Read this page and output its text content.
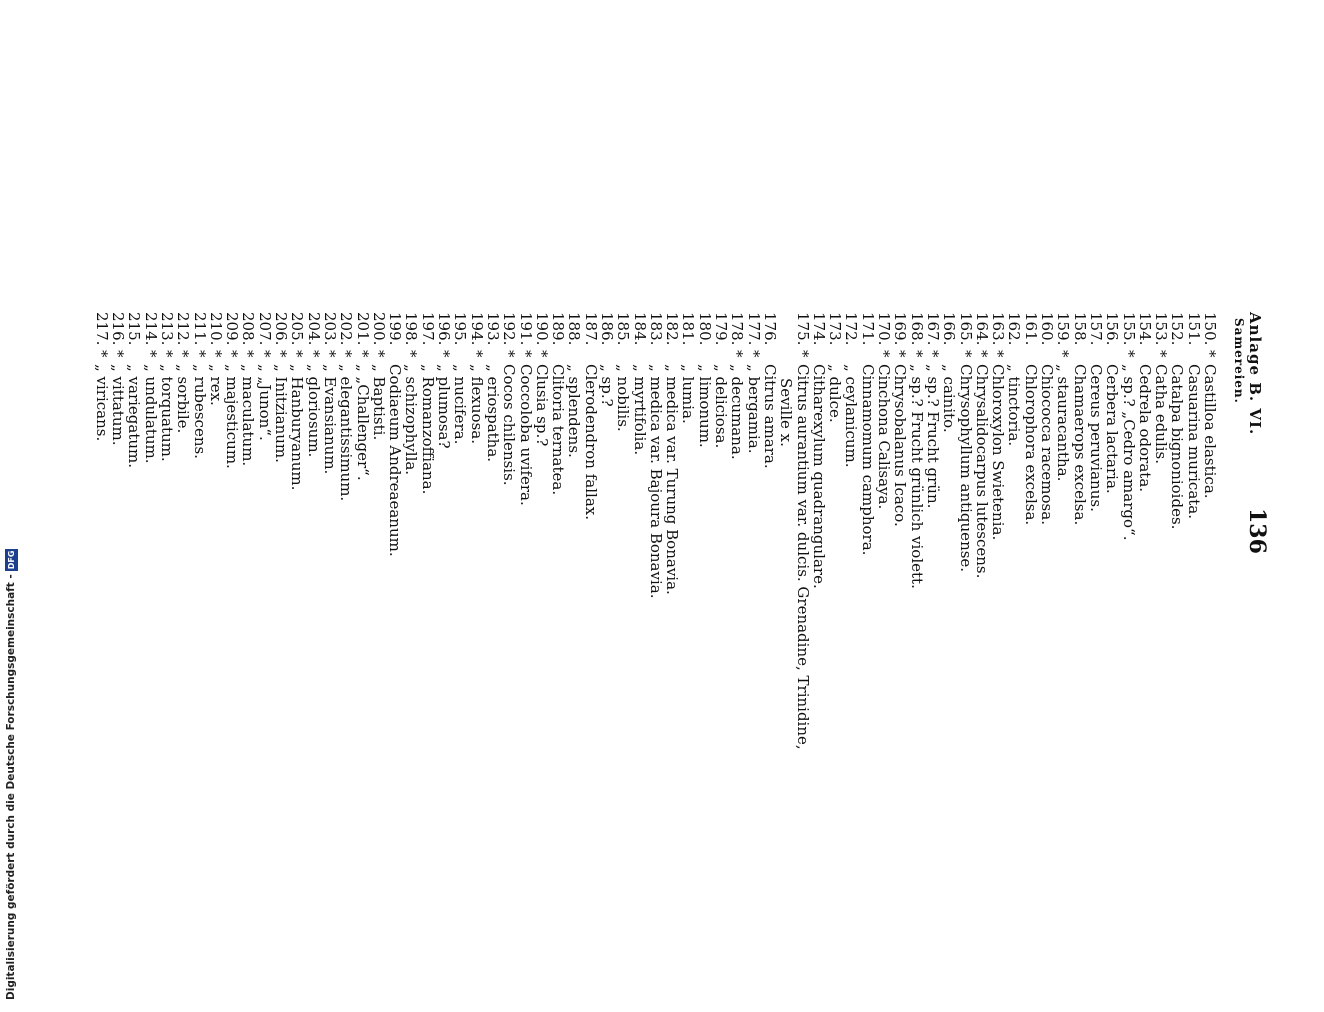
Anlage B. VI.
Samereien.
136
150.*Castilloa elastica.
151.Casuarina muricata.
152.Catalpa bignonioides.
153.*Catha edulis.
154.Cedrela odorata.
155.*„ sp.? „Cedro amargo“.
156.Cerbera lactaria.
157.Cereus peruvianus.
158.Chamaerops excelsa.
159.*„ stauracantha.
160.Chiococca racemosa.
161.Chlorophora excelsa.
162.„ tinctoria.
163.*Chloroxylon Swietenia.
164.*Chrysalidocarpus lutescens.
165.*Chrysophyllum antiquense.
166.„ cainito.
167.*„ sp.? Frucht grün.
168.*„ sp.? Frucht grünlich violett.
169.*Chrysobalanus Icaco.
170.*Cinchona Calisaya.
171.Cinnamomum camphora.
172.„ ceylanicum.
173.„ dulce.
174.Citharexylum quadrangulare.
175.*Citrus aurantium var. dulcis. Grenadine, Trinidine,
Seville x.
176.Citrus amara.
177.*„ bergamia.
178.*„ decumana.
179.„ deliciosa.
180.„ limonum.
181.„ lumia.
182.„ medica var. Turung Bonavia.
183.„ medica var. Bajoura Bonavia.
184.„ myrtifolia.
185.„ nobilis.
186.„ sp.?
187.Clerodendron fallax.
188.„ splendens.
189.Clitoria ternatea.
190.*Clusia sp.?
191.*Coccoloba uvifera.
192.*Cocos chilensis.
193.„ eriospatha.
194.*„ flexuosa.
195.„ nucifera.
196.*„ plumosa?
197.„ Romanzoffiana.
198.*„ schizophylla.
199.Codiaeum Andreaeanum.
200.*„ Baptisti.
201.*„ „Challenger“.
202.*„ elegantissimum.
203.*„ Evansianum.
204.*„ gloriosum.
205.*„ Hanburyanum.
206.*„ Initzianum.
207.*„ „Junon“.
208.*„ maculatum.
209.*„ majesticum.
210.*„ rex.
211.*„ rubescens.
212.*„ sorbile.
213.*„ torquatum.
214.*„ undulatum.
215.„ variegatum.
216.*„ vittatum.
217.*„ viricans.
Digitalisierung gefördert durch die Deutsche Forschungsgemeinschaft -
DFG
